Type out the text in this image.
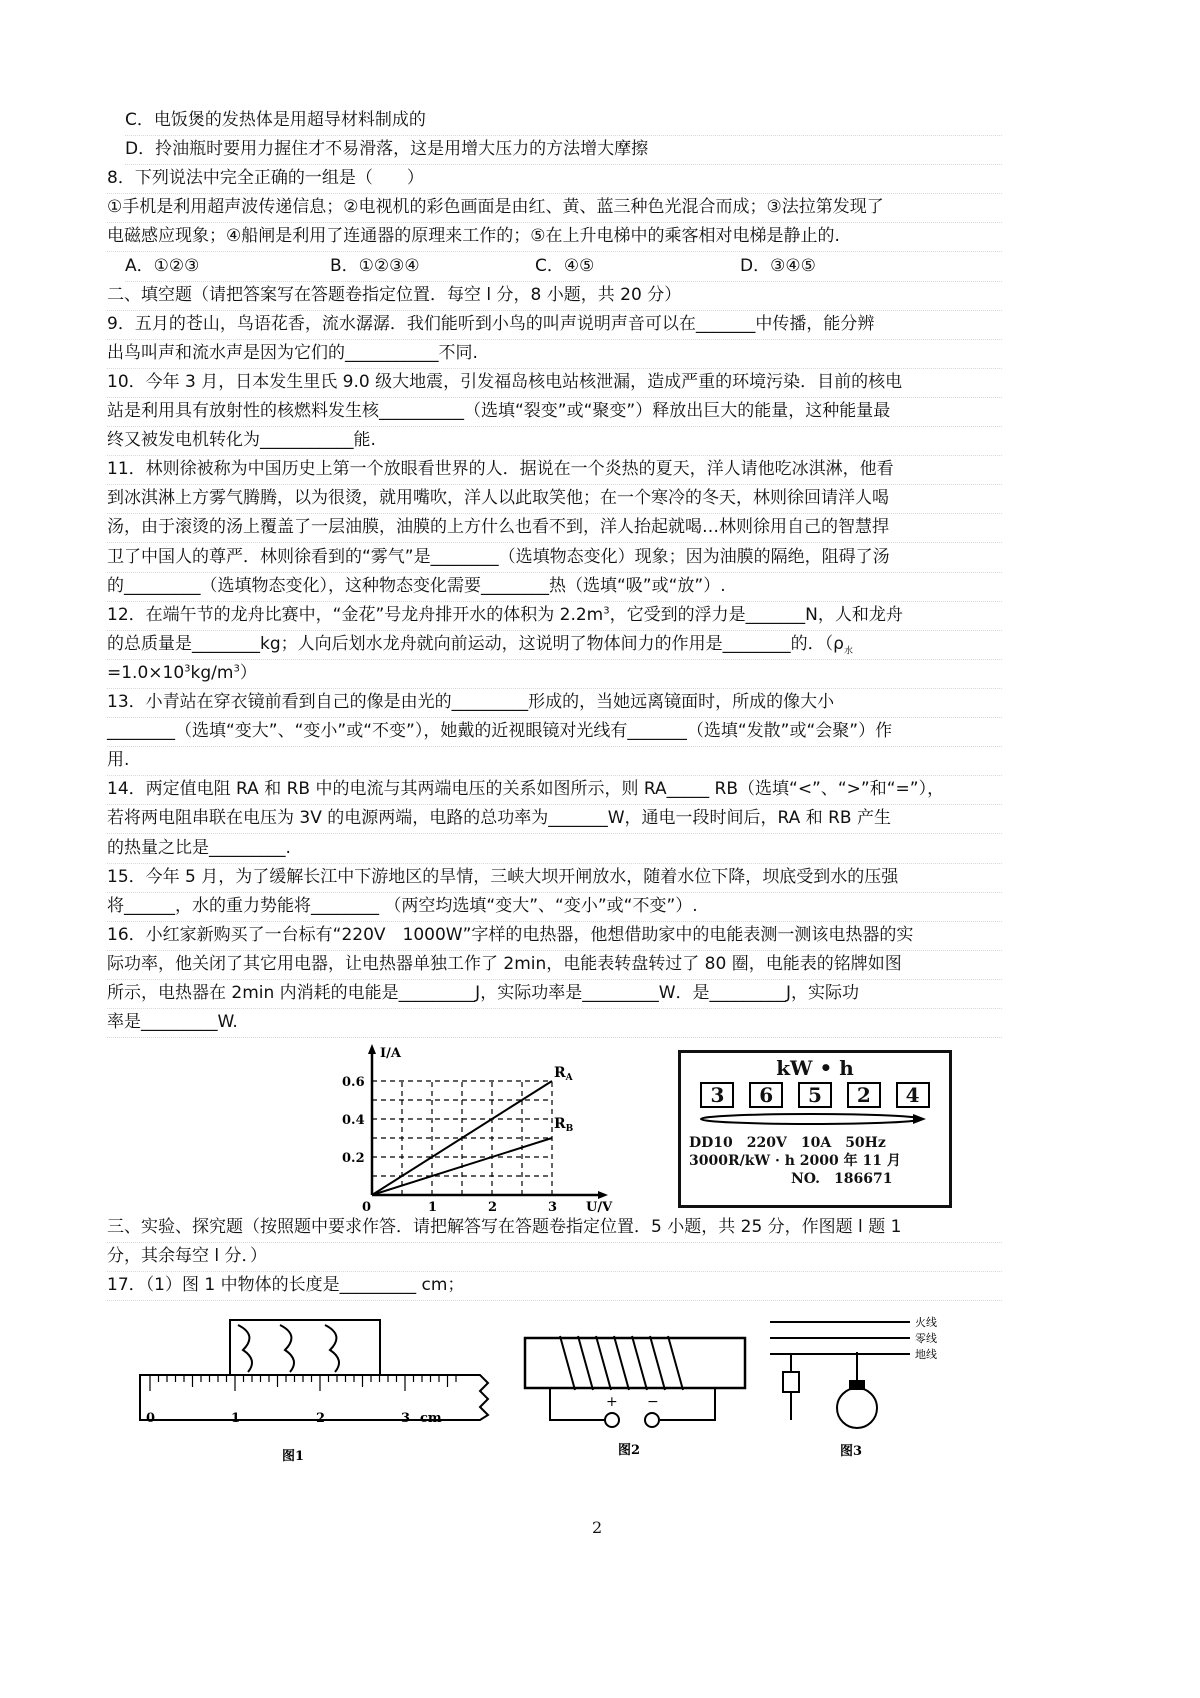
C．电饭煲的发热体是用超导材料制成的
D．拎油瓶时要用力握住才不易滑落，这是用增大压力的方法增大摩擦
8．下列说法中完全正确的一组是（　　）
①手机是利用超声波传递信息；②电视机的彩色画面是由红、黄、蓝三种色光混合而成；③法拉第发现了
电磁感应现象；④船闸是利用了连通器的原理来工作的；⑤在上升电梯中的乘客相对电梯是静止的.
A．①②③	B．①②③④	C．④⑤	D．③④⑤
二、填空题（请把答案写在答题卷指定位置．每空 l 分，8 小题，共 20 分）
9．五月的苍山，鸟语花香，流水潺潺．我们能听到小鸟的叫声说明声音可以在_______中传播，能分辨
出鸟叫声和流水声是因为它们的___________不同.
10．今年 3 月，日本发生里氏 9.0 级大地震，引发福岛核电站核泄漏，造成严重的环境污染．目前的核电
站是利用具有放射性的核燃料发生核__________（选填“裂变”或“聚变”）释放出巨大的能量，这种能量最
终又被发电机转化为___________能.
11．林则徐被称为中国历史上第一个放眼看世界的人．据说在一个炎热的夏天，洋人请他吃冰淇淋，他看
到冰淇淋上方雾气腾腾，以为很烫，就用嘴吹，洋人以此取笑他；在一个寒冷的冬天，林则徐回请洋人喝
汤，由于滚烫的汤上覆盖了一层油膜，油膜的上方什么也看不到，洋人抬起就喝…林则徐用自己的智慧捍
卫了中国人的尊严．林则徐看到的“雾气”是________（选填物态变化）现象；因为油膜的隔绝，阻碍了汤
的_________（选填物态变化），这种物态变化需要________热（选填“吸”或“放”）.
12．在端午节的龙舟比赛中，“金花”号龙舟排开水的体积为 $2.2m^3$，它受到的浮力是_______N，人和龙舟
的总质量是________kg；人向后划水龙舟就向前运动，这说明了物体间力的作用是________的．（$\rho_水$
$=1.0\times 10^3kg/m^3$）
13．小青站在穿衣镜前看到自己的像是由光的_________形成的，当她远离镜面时，所成的像大小
________（选填“变大”、“变小”或“不变”），她戴的近视眼镜对光线有_______（选填“发散”或“会聚”）作
用.
14．两定值电阻 RA 和 RB 中的电流与其两端电压的关系如图所示，则 RA_____ RB（选填“<”、“>”和“=”），
若将两电阻串联在电压为 3V 的电源两端，电路的总功率为_______W，通电一段时间后，RA 和 RB 产生
的热量之比是_________.
15．今年 5 月，为了缓解长江中下游地区的旱情，三峡大坝开闸放水，随着水位下降，坝底受到水的压强
将______，水的重力势能将________ （两空均选填“变大”、“变小”或“不变”）.
16．小红家新购买了一台标有“220V　1000W”字样的电热器，他想借助家中的电能表测一测该电热器的实
际功率，他关闭了其它用电器，让电热器单独工作了 2min，电能表转盘转过了 80 圈，电能表的铭牌如图
所示，电热器在 2min 内消耗的电能是_________J，实际功率是_________W．是_________J，实际功
率是_________W.
三、实验、探究题（按照题中要求作答．请把解答写在答题卷指定位置．5 小题，共 25 分，作图题 l 题 1
分，其余每空 l 分．）
17．（1）图 1 中物体的长度是_________ cm；
I/A
U/V
0.2
0.4
0.6
0	1	2	3
$R_A$
$R_B$
kW • h
3	6	5	2	4
DD10　220V　10A　50Hz
3000R/kW · h 2000 年 11 月
NO.　186671
0	1	2	3 cm
图1
+ −
图2
火线
零线
地线
图3
2
